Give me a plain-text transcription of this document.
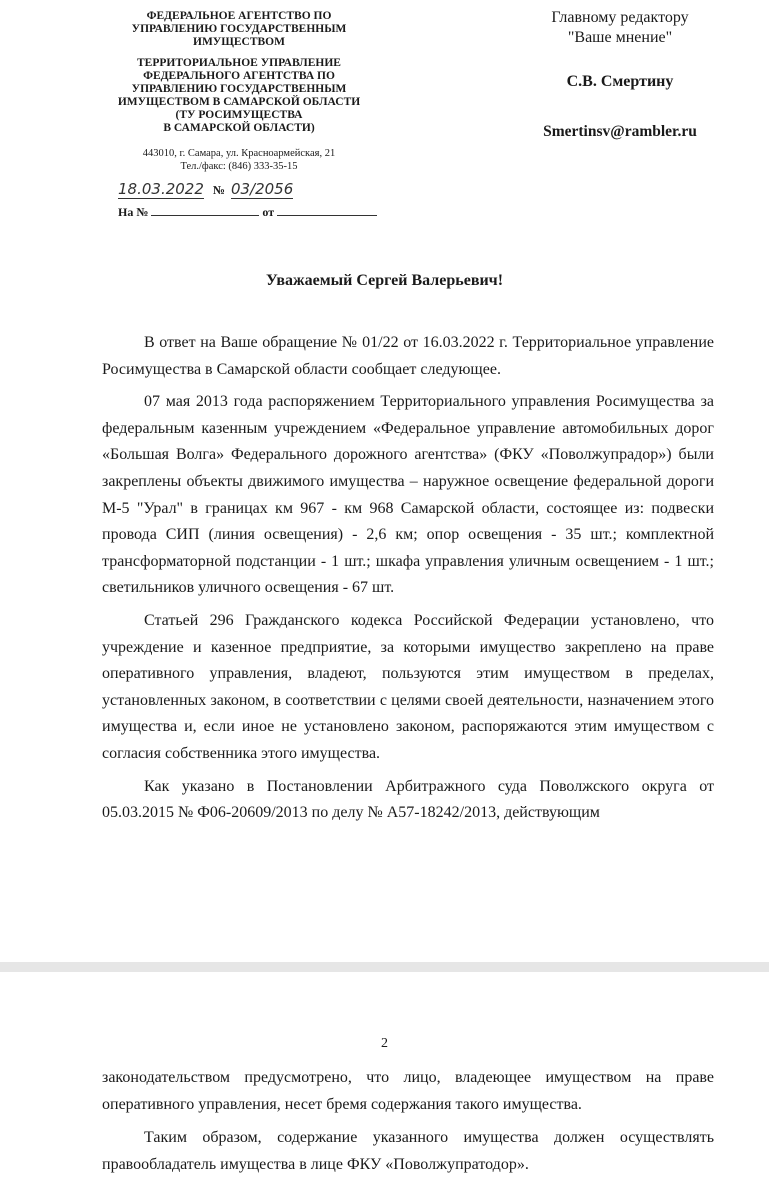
ФЕДЕРАЛЬНОЕ АГЕНТСТВО ПО
УПРАВЛЕНИЮ ГОСУДАРСТВЕННЫМ
ИМУЩЕСТВОМ
ТЕРРИТОРИАЛЬНОЕ УПРАВЛЕНИЕ
ФЕДЕРАЛЬНОГО АГЕНТСТВА ПО
УПРАВЛЕНИЮ ГОСУДАРСТВЕННЫМ
ИМУЩЕСТВОМ В САМАРСКОЙ ОБЛАСТИ
(ТУ РОСИМУЩЕСТВА
В САМАРСКОЙ ОБЛАСТИ)
443010, г. Самара, ул. Красноармейская, 21
Тел./факс: (846) 333-35-15
18.03.2022 № 03/2056
На №	от
Главному редактору
"Ваше мнение"
С.В. Смертину
Smertinsv@rambler.ru
Уважаемый Сергей Валерьевич!

В ответ на Ваше обращение № 01/22 от 16.03.2022 г. Территориальное управление Росимущества в Самарской области сообщает следующее.

07 мая 2013 года распоряжением Территориального управления Росимущества за федеральным казенным учреждением «Федеральное управление автомобильных дорог «Большая Волга» Федерального дорожного агентства» (ФКУ «Поволжупрадор») были закреплены объекты движимого имущества – наружное освещение федеральной дороги М-5 "Урал" в границах км 967 - км 968 Самарской области, состоящее из: подвески провода СИП (линия освещения) - 2,6 км; опор освещения - 35 шт.; комплектной трансформаторной подстанции - 1 шт.; шкафа управления уличным освещением - 1 шт.; светильников уличного освещения - 67 шт.

Статьей 296 Гражданского кодекса Российской Федерации установлено, что учреждение и казенное предприятие, за которыми имущество закреплено на праве оперативного управления, владеют, пользуются этим имуществом в пределах, установленных законом, в соответствии с целями своей деятельности, назначением этого имущества и, если иное не установлено законом, распоряжаются этим имуществом с согласия собственника этого имущества.

Как указано в Постановлении Арбитражного суда Поволжского округа от 05.03.2015 № Ф06-20609/2013 по делу № А57-18242/2013, действующим

2

законодательством предусмотрено, что лицо, владеющее имуществом на праве оперативного управления, несет бремя содержания такого имущества.

Таким образом, содержание указанного имущества должен осуществлять правообладатель имущества в лице ФКУ «Поволжупратодор».
